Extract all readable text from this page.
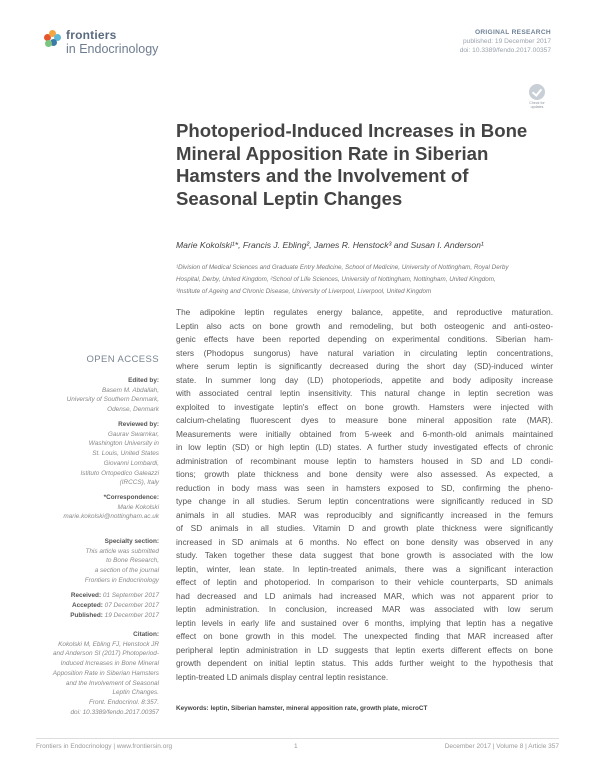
frontiers
in Endocrinology
ORIGINAL RESEARCH
published: 19 December 2017
doi: 10.3389/fendo.2017.00357
Check for updates
Photoperiod-Induced Increases in Bone Mineral Apposition Rate in Siberian Hamsters and the Involvement of Seasonal Leptin Changes
Marie Kokolski¹*, Francis J. Ebling², James R. Henstock³ and Susan I. Anderson¹
¹Division of Medical Sciences and Graduate Entry Medicine, School of Medicine, University of Nottingham, Royal Derby
Hospital, Derby, United Kingdom, ²School of Life Sciences, University of Nottingham, Nottingham, United Kingdom,
³Institute of Ageing and Chronic Disease, University of Liverpool, Liverpool, United Kingdom
The adipokine leptin regulates energy balance, appetite, and reproductive maturation.
Leptin also acts on bone growth and remodeling, but both osteogenic and anti-osteo-
genic effects have been reported depending on experimental conditions. Siberian ham-
sters (Phodopus sungorus) have natural variation in circulating leptin concentrations,
where serum leptin is significantly decreased during the short day (SD)-induced winter
state. In summer long day (LD) photoperiods, appetite and body adiposity increase
with associated central leptin insensitivity. This natural change in leptin secretion was
exploited to investigate leptin's effect on bone growth. Hamsters were injected with
calcium-chelating fluorescent dyes to measure bone mineral apposition rate (MAR).
Measurements were initially obtained from 5-week and 6-month-old animals maintained
in low leptin (SD) or high leptin (LD) states. A further study investigated effects of chronic
administration of recombinant mouse leptin to hamsters housed in SD and LD condi-
tions; growth plate thickness and bone density were also assessed. As expected, a
reduction in body mass was seen in hamsters exposed to SD, confirming the pheno-
type change in all studies. Serum leptin concentrations were significantly reduced in SD
animals in all studies. MAR was reproducibly and significantly increased in the femurs
of SD animals in all studies. Vitamin D and growth plate thickness were significantly
increased in SD animals at 6 months. No effect on bone density was observed in any
study. Taken together these data suggest that bone growth is associated with the low
leptin, winter, lean state. In leptin-treated animals, there was a significant interaction
effect of leptin and photoperiod. In comparison to their vehicle counterparts, SD animals
had decreased and LD animals had increased MAR, which was not apparent prior to
leptin administration. In conclusion, increased MAR was associated with low serum
leptin levels in early life and sustained over 6 months, implying that leptin has a negative
effect on bone growth in this model. The unexpected finding that MAR increased after
peripheral leptin administration in LD suggests that leptin exerts different effects on bone
growth dependent on initial leptin status. This adds further weight to the hypothesis that
leptin-treated LD animals display central leptin resistance.
Keywords: leptin, Siberian hamster, mineral apposition rate, growth plate, microCT
OPEN ACCESS
Edited by:
Basem M. Abdallah,
University of Southern Denmark,
Odense, Denmark
Reviewed by:
Gaurav Swarnkar,
Washington University in
St. Louis, United States
Giovanni Lombardi,
Istituto Ortopedico Galeazzi
(IRCCS), Italy
*Correspondence:
Marie Kokolski
marie.kokolski@nottingham.ac.uk
Specialty section:
This article was submitted
to Bone Research,
a section of the journal
Frontiers in Endocrinology
Received: 01 September 2017
Accepted: 07 December 2017
Published: 19 December 2017
Citation:
Kokolski M, Ebling FJ, Henstock JR
and Anderson SI (2017) Photoperiod-
Induced Increases in Bone Mineral
Apposition Rate in Siberian Hamsters
and the Involvement of Seasonal
Leptin Changes.
Front. Endocrinol. 8:357.
doi: 10.3389/fendo.2017.00357
Frontiers in Endocrinology | www.frontiersin.org	1	December 2017 | Volume 8 | Article 357
